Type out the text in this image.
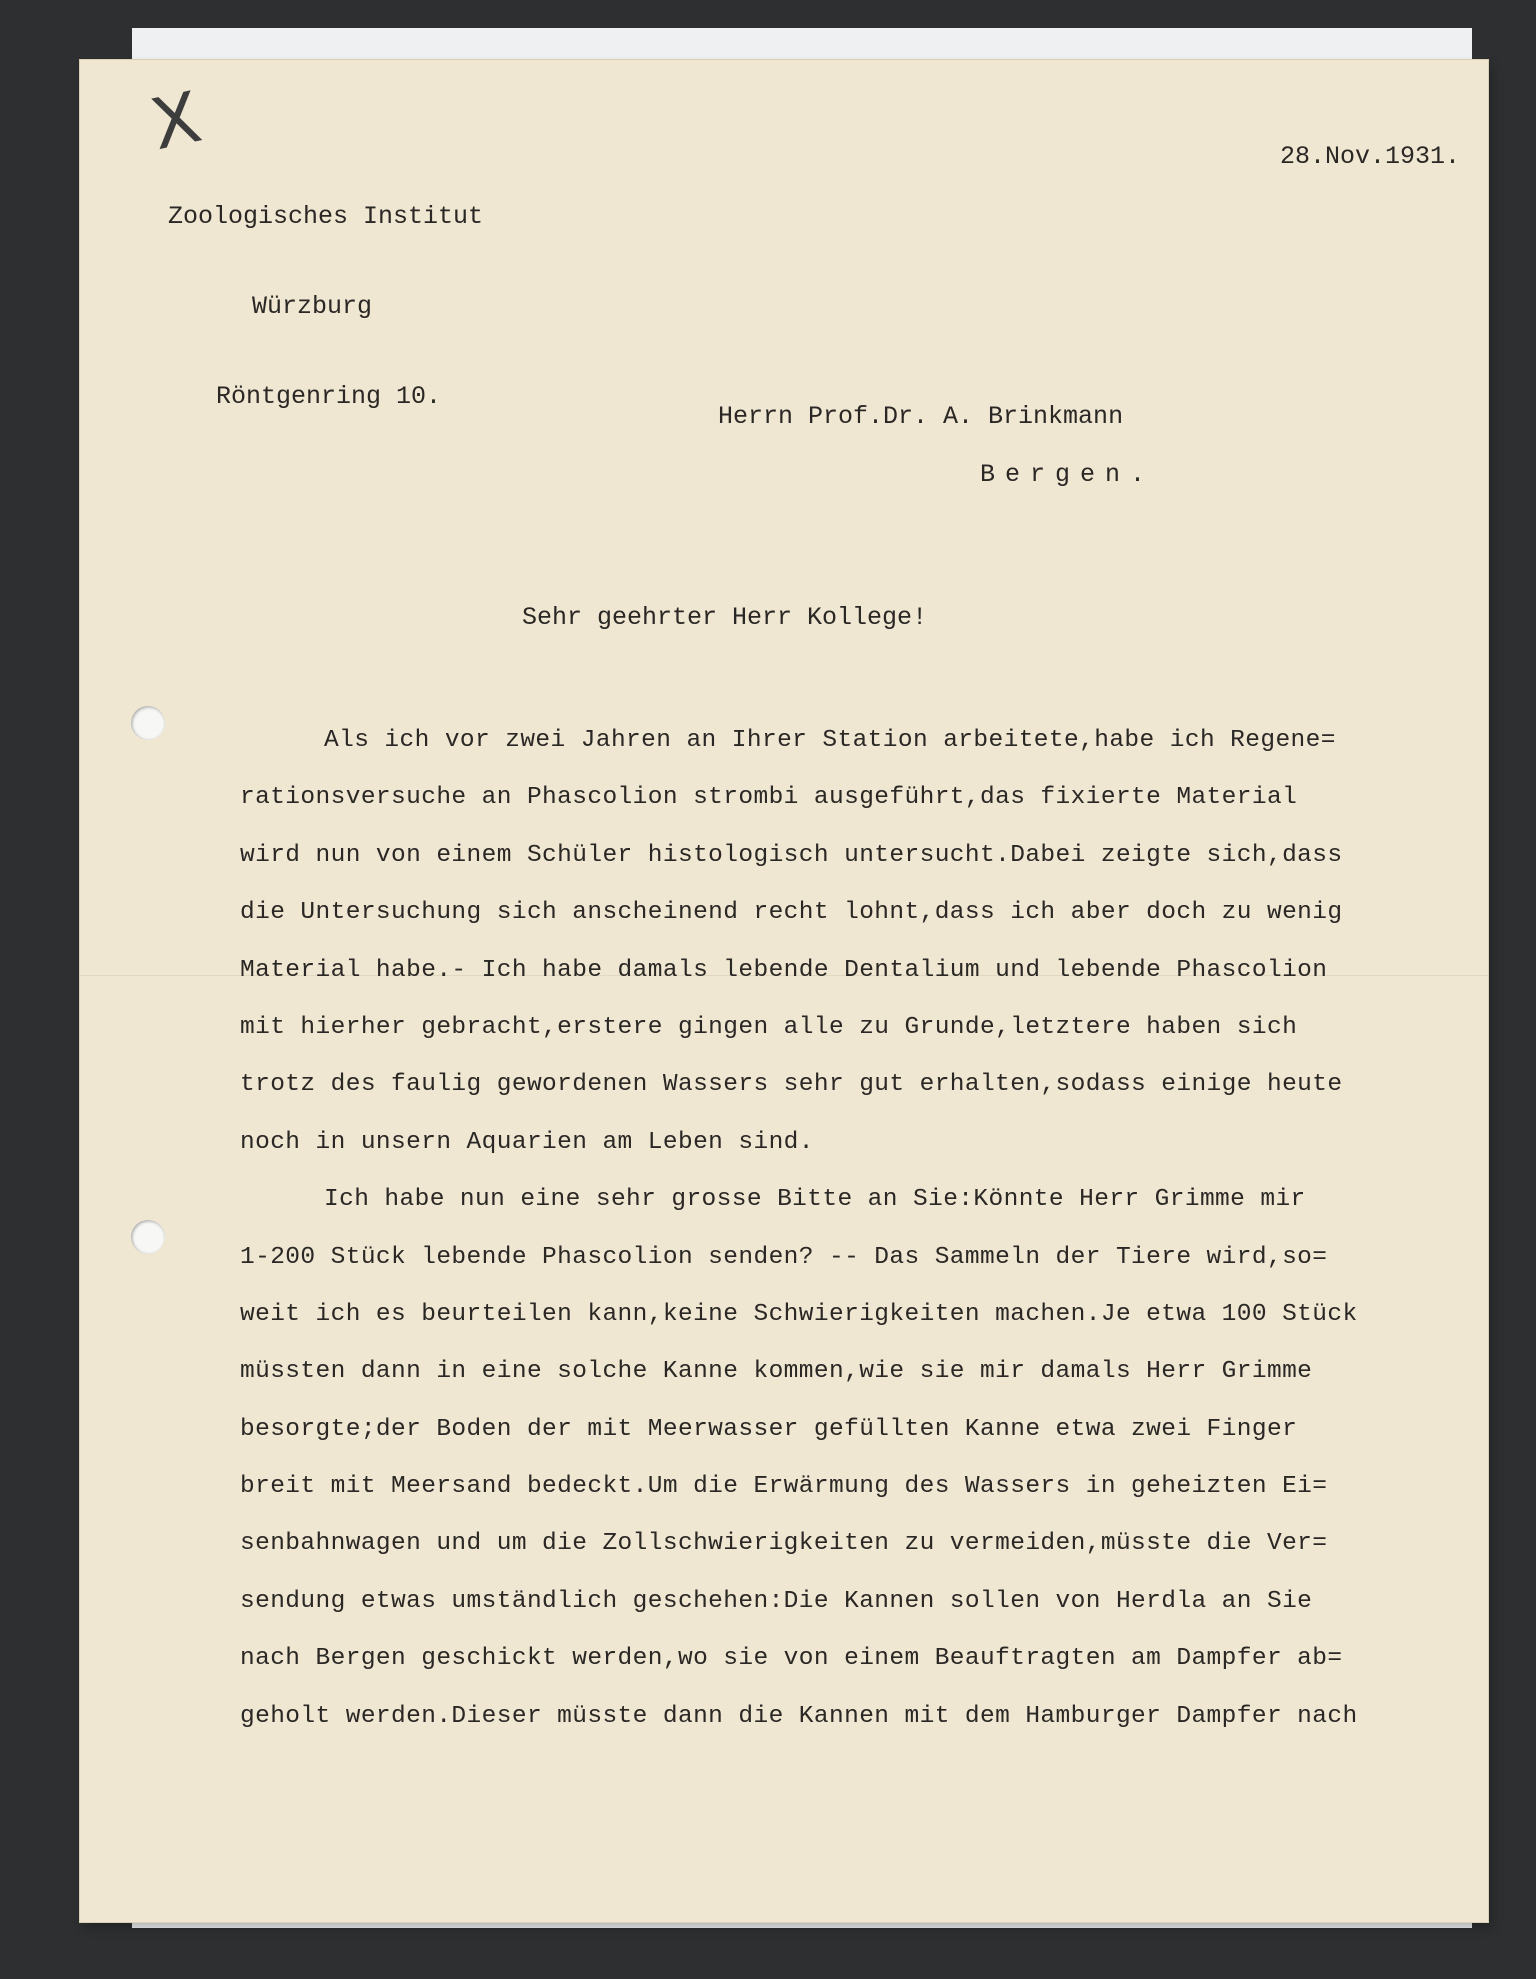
X

Zoologisches Institut

Würzburg

Röntgenring 10.

28.Nov.1931.
Herrn Prof.Dr. A. Brinkmann
Bergen.
Sehr geehrter Herr Kollege!
Als ich vor zwei Jahren an Ihrer Station arbeitete,habe ich Regene=
rationsversuche an Phascolion strombi ausgeführt,das fixierte Material
wird nun von einem Schüler histologisch untersucht.Dabei zeigte sich,dass
die Untersuchung sich anscheinend recht lohnt,dass ich aber doch zu wenig
Material habe.- Ich habe damals lebende Dentalium und lebende Phascolion
mit hierher gebracht,erstere gingen alle zu Grunde,letztere haben sich
trotz des faulig gewordenen Wassers sehr gut erhalten,sodass einige heute
noch in unsern Aquarien am Leben sind.
Ich habe nun eine sehr grosse Bitte an Sie:Könnte Herr Grimme mir
1-200 Stück lebende Phascolion senden? -- Das Sammeln der Tiere wird,so=
weit ich es beurteilen kann,keine Schwierigkeiten machen.Je etwa 100 Stück
müssten dann in eine solche Kanne kommen,wie sie mir damals Herr Grimme
besorgte;der Boden der mit Meerwasser gefüllten Kanne etwa zwei Finger
breit mit Meersand bedeckt.Um die Erwärmung des Wassers in geheizten Ei=
senbahnwagen und um die Zollschwierigkeiten zu vermeiden,müsste die Ver=
sendung etwas umständlich geschehen:Die Kannen sollen von Herdla an Sie
nach Bergen geschickt werden,wo sie von einem Beauftragten am Dampfer ab=
geholt werden.Dieser müsste dann die Kannen mit dem Hamburger Dampfer nach
